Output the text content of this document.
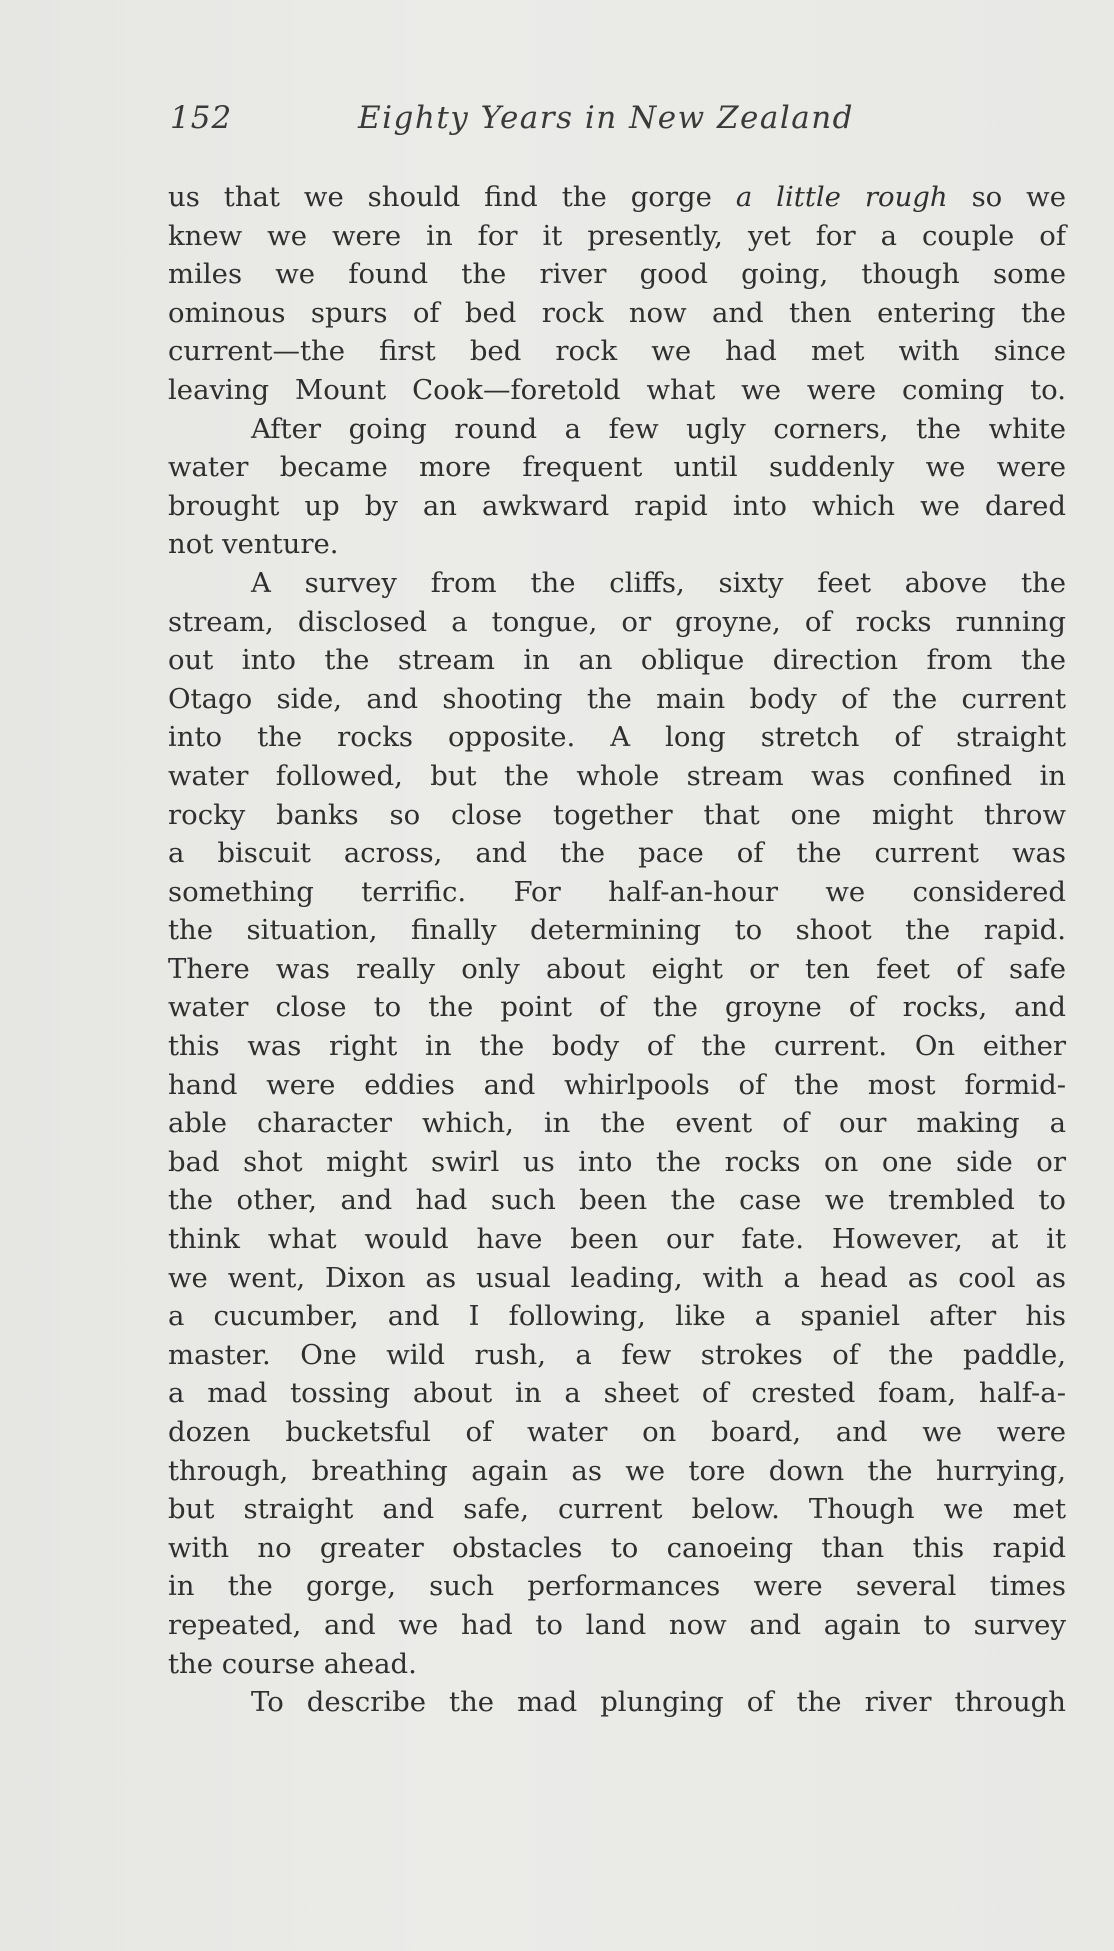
152	Eighty Years in New Zealand
us that we should find the gorge a little rough so we
knew we were in for it presently, yet for a couple of
miles we found the river good going, though some
ominous spurs of bed rock now and then entering the
current—the first bed rock we had met with since
leaving Mount Cook—foretold what we were coming to.
After going round a few ugly corners, the white
water became more frequent until suddenly we were
brought up by an awkward rapid into which we dared
not venture.
A survey from the cliffs, sixty feet above the
stream, disclosed a tongue, or groyne, of rocks running
out into the stream in an oblique direction from the
Otago side, and shooting the main body of the current
into the rocks opposite. A long stretch of straight
water followed, but the whole stream was confined in
rocky banks so close together that one might throw
a biscuit across, and the pace of the current was
something terrific. For half-an-hour we considered
the situation, finally determining to shoot the rapid.
There was really only about eight or ten feet of safe
water close to the point of the groyne of rocks, and
this was right in the body of the current. On either
hand were eddies and whirlpools of the most formid-
able character which, in the event of our making a
bad shot might swirl us into the rocks on one side or
the other, and had such been the case we trembled to
think what would have been our fate. However, at it
we went, Dixon as usual leading, with a head as cool as
a cucumber, and I following, like a spaniel after his
master. One wild rush, a few strokes of the paddle,
a mad tossing about in a sheet of crested foam, half-a-
dozen bucketsful of water on board, and we were
through, breathing again as we tore down the hurrying,
but straight and safe, current below. Though we met
with no greater obstacles to canoeing than this rapid
in the gorge, such performances were several times
repeated, and we had to land now and again to survey
the course ahead.
To describe the mad plunging of the river through
